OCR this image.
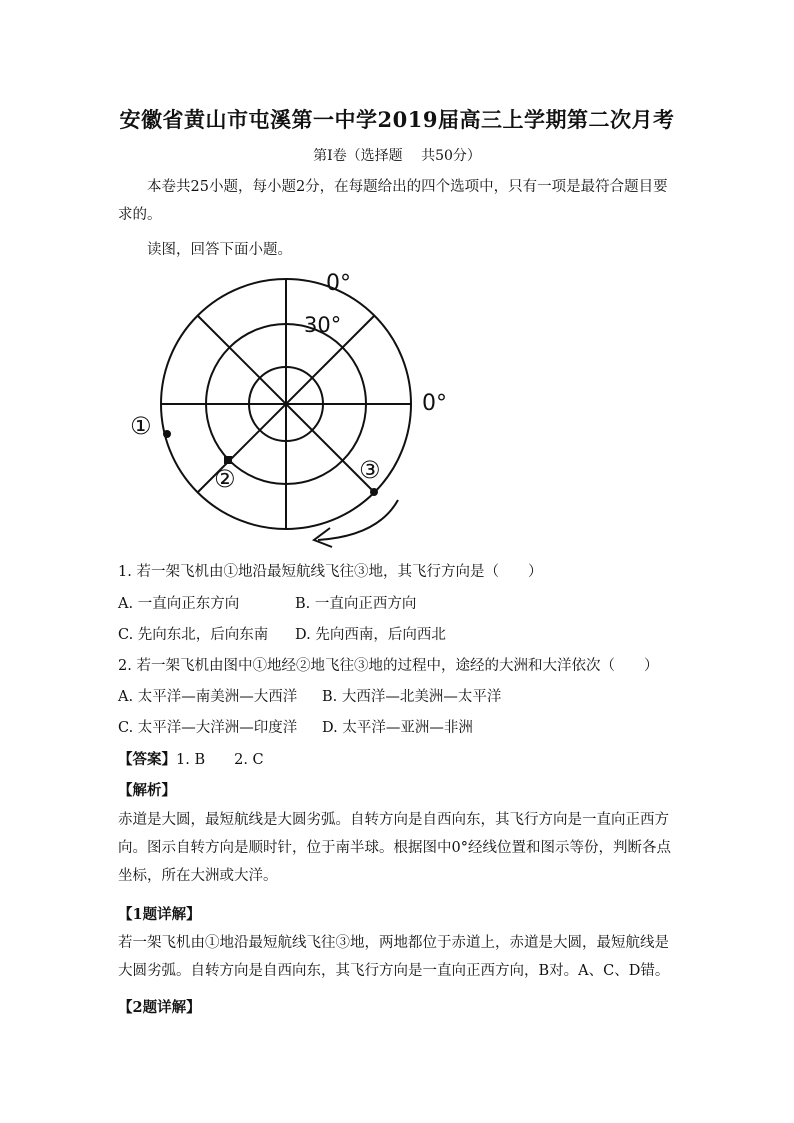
安徽省黄山市屯溪第一中学2019届高三上学期第二次月考
第I卷（选择题　 共50分）
本卷共25小题，每小题2分，在每题给出的四个选项中，只有一项是最符合题目要求的。
读图，回答下面小题。
0°
30°
0°
①
②	③
1. 若一架飞机由①地沿最短航线飞往③地，其飞行方向是（　　）
A. 一直向正东方向	B. 一直向正西方向
C. 先向东北，后向东南 D. 先向西南，后向西北
2. 若一架飞机由图中①地经②地飞往③地的过程中，途经的大洲和大洋依次（　　）
A. 太平洋—南美洲—大西洋 B. 大西洋—北美洲—太平洋
C. 太平洋—大洋洲—印度洋 D. 太平洋—亚洲—非洲
【答案】1. B　　2. C
【解析】
赤道是大圆，最短航线是大圆劣弧。自转方向是自西向东，其飞行方向是一直向正西方向。图示自转方向是顺时针，位于南半球。根据图中0°经线位置和图示等份，判断各点坐标，所在大洲或大洋。
【1题详解】
若一架飞机由①地沿最短航线飞往③地，两地都位于赤道上，赤道是大圆，最短航线是大圆劣弧。自转方向是自西向东，其飞行方向是一直向正西方向，B对。A、C、D错。
【2题详解】
